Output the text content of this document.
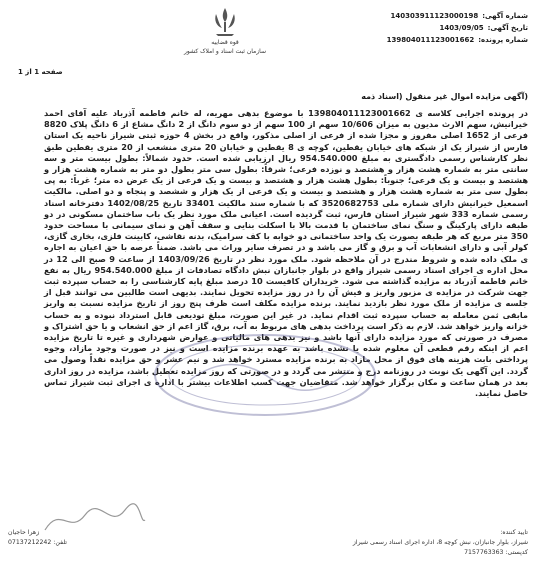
قوه قضاییه
سازمان ثبت اسناد و املاک کشور
شماره آگهی:
140303911123000198
تاریخ آگهی:
1403/09/05
شماره پرونده:
139804011123001662
صفحه 1 از 1
(آگهی مزایده اموال غیر منقول (اسناد ذمه
در پرونده اجرایی کلاسه ی 139804011123001662 با موضوع بدهی مهریه، له خانم فاطمه آذرباد علیه آقای احمد خیرانیش، سهم الارث مدیون به میزان 10/606 سهم از 100 سهم از دو سوم دانگ از 2 دانگ مشاع از 6 دانگ پلاک 8820 فرعی از 1652 اصلی مفروز و مجزا شده از فرعی از اصلی مذکور، واقع در بخش 4 حوزه ثبتی شیراز ناحیه یک استان فارس از شیراز یک از شبکه های خیابان یقطین، کوچه ی 8 یقطین و خیابان 20 متری منشعب از 20 متری یقطین طبق نظر کارشناس رسمی دادگستری به مبلغ 954.540.000 ریال ارزیابی شده است. حدود شمالاً: بطول بیست متر و سه سانتی متر به شماره هشت هزار و هشتصد و نوزده فرعی؛ شرقاً: بطول سی متر بطول دو متر به شماره هشت هزار و هشتصد و بیست و یک فرعی؛ جنوباً: بطول هشت هزار و هشتصد و بیست و یک فرعی از یک عرض ده متر؛ غرباً: به پی بطول سی متر به شماره هشت هزار و هشتصد و بیست و یک فرعی از یک هزار و ششصد و پنجاه و دو اصلی. مالکیت اسمعیل خیرانیش دارای شماره ملی 3520682753 که با شماره سند مالکیت 33401 تاریخ 1402/08/25 دفترخانه اسناد رسمی شماره 333 شهر شیراز استان فارس، ثبت گردیده است. اعیانی ملک مورد نظر یک باب ساختمان مسکونی در دو طبقه دارای پارکینگ و سنگ نمای ساختمان با قدمت بالا با اسکلت بنایی و سقف آهن و نمای سیمانی با مساحت حدود 350 متر مربع که هر طبقه بصورت یک واحد ساختمانی دو خوابه با کف سرامیک، بدنه نقاشی، کابینت فلزی، بخاری گازی، کولر آبی و دارای انشعابات آب و برق و گاز می باشد و در تصرف سایر وراث می باشد. ضمناً عرصه با حق اعیان به اجاره ی ملک داده شده و شروط مندرج در آن ملاحظه شود. ملک مورد نظر در تاریخ 1403/09/26 از ساعت 9 صبح الی 12 در محل اداره ی اجرای اسناد رسمی شیراز واقع در بلوار جانبازان نبش دادگاه تصادفات از مبلغ 954.540.000 ریال به نفع خانم فاطمه آذرباد به مزایده گذاشته می شود. خریداران کافیست 10 درصد مبلغ پایه کارشناسی را به حساب سپرده ثبت جهت شرکت در مزایده ی مزبور واریز و فیش آن را در روز مزایده تحویل نمایند. بدیهی است طالبین می توانند قبل از جلسه ی مزایده از ملک مورد نظر بازدید نمایند. برنده مزایده مکلف است ظرف پنج روز از تاریخ مزایده نسبت به واریز مابقی ثمن معامله به حساب سپرده ثبت اقدام نماید. در غیر این صورت، مبلغ تودیعی قابل استرداد نبوده و به حساب خزانه واریز خواهد شد. لازم به ذکر است پرداخت بدهی های مربوط به آب، برق، گاز اعم از حق انشعاب و یا حق اشتراک و مصرف در صورتی که مورد مزایده دارای آنها باشد و نیز بدهی های مالیاتی و عوارض شهرداری و غیره تا تاریخ مزایده اعم از اینکه رقم قطعی آن معلوم شده یا نشده باشد به عهده برنده مزایده است و نیز در صورت وجود مازاد، وجوه پرداختی بابت هزینه های فوق از محل مازاد به برنده مزایده مسترد خواهد شد و نیم عشر و حق مزایده نقداً وصول می گردد. این آگهی یک نوبت در روزنامه درج و منتشر می گردد و در صورتی که روز مزایده تعطیل باشد، مزایده در روز اداری بعد در همان ساعت و مکان برگزار خواهد شد. متقاضیان جهت کسب اطلاعات بیشتر با اداره ی اجرای ثبت شیراز تماس حاصل نمایند.
تایید کننده:
زهرا حاجیان
شیراز، بلوار جانبازان، نبش کوچه 8، اداره اجرای اسناد رسمی شیراز
تلفن: 07137212242
کدپستی: 7157763363
